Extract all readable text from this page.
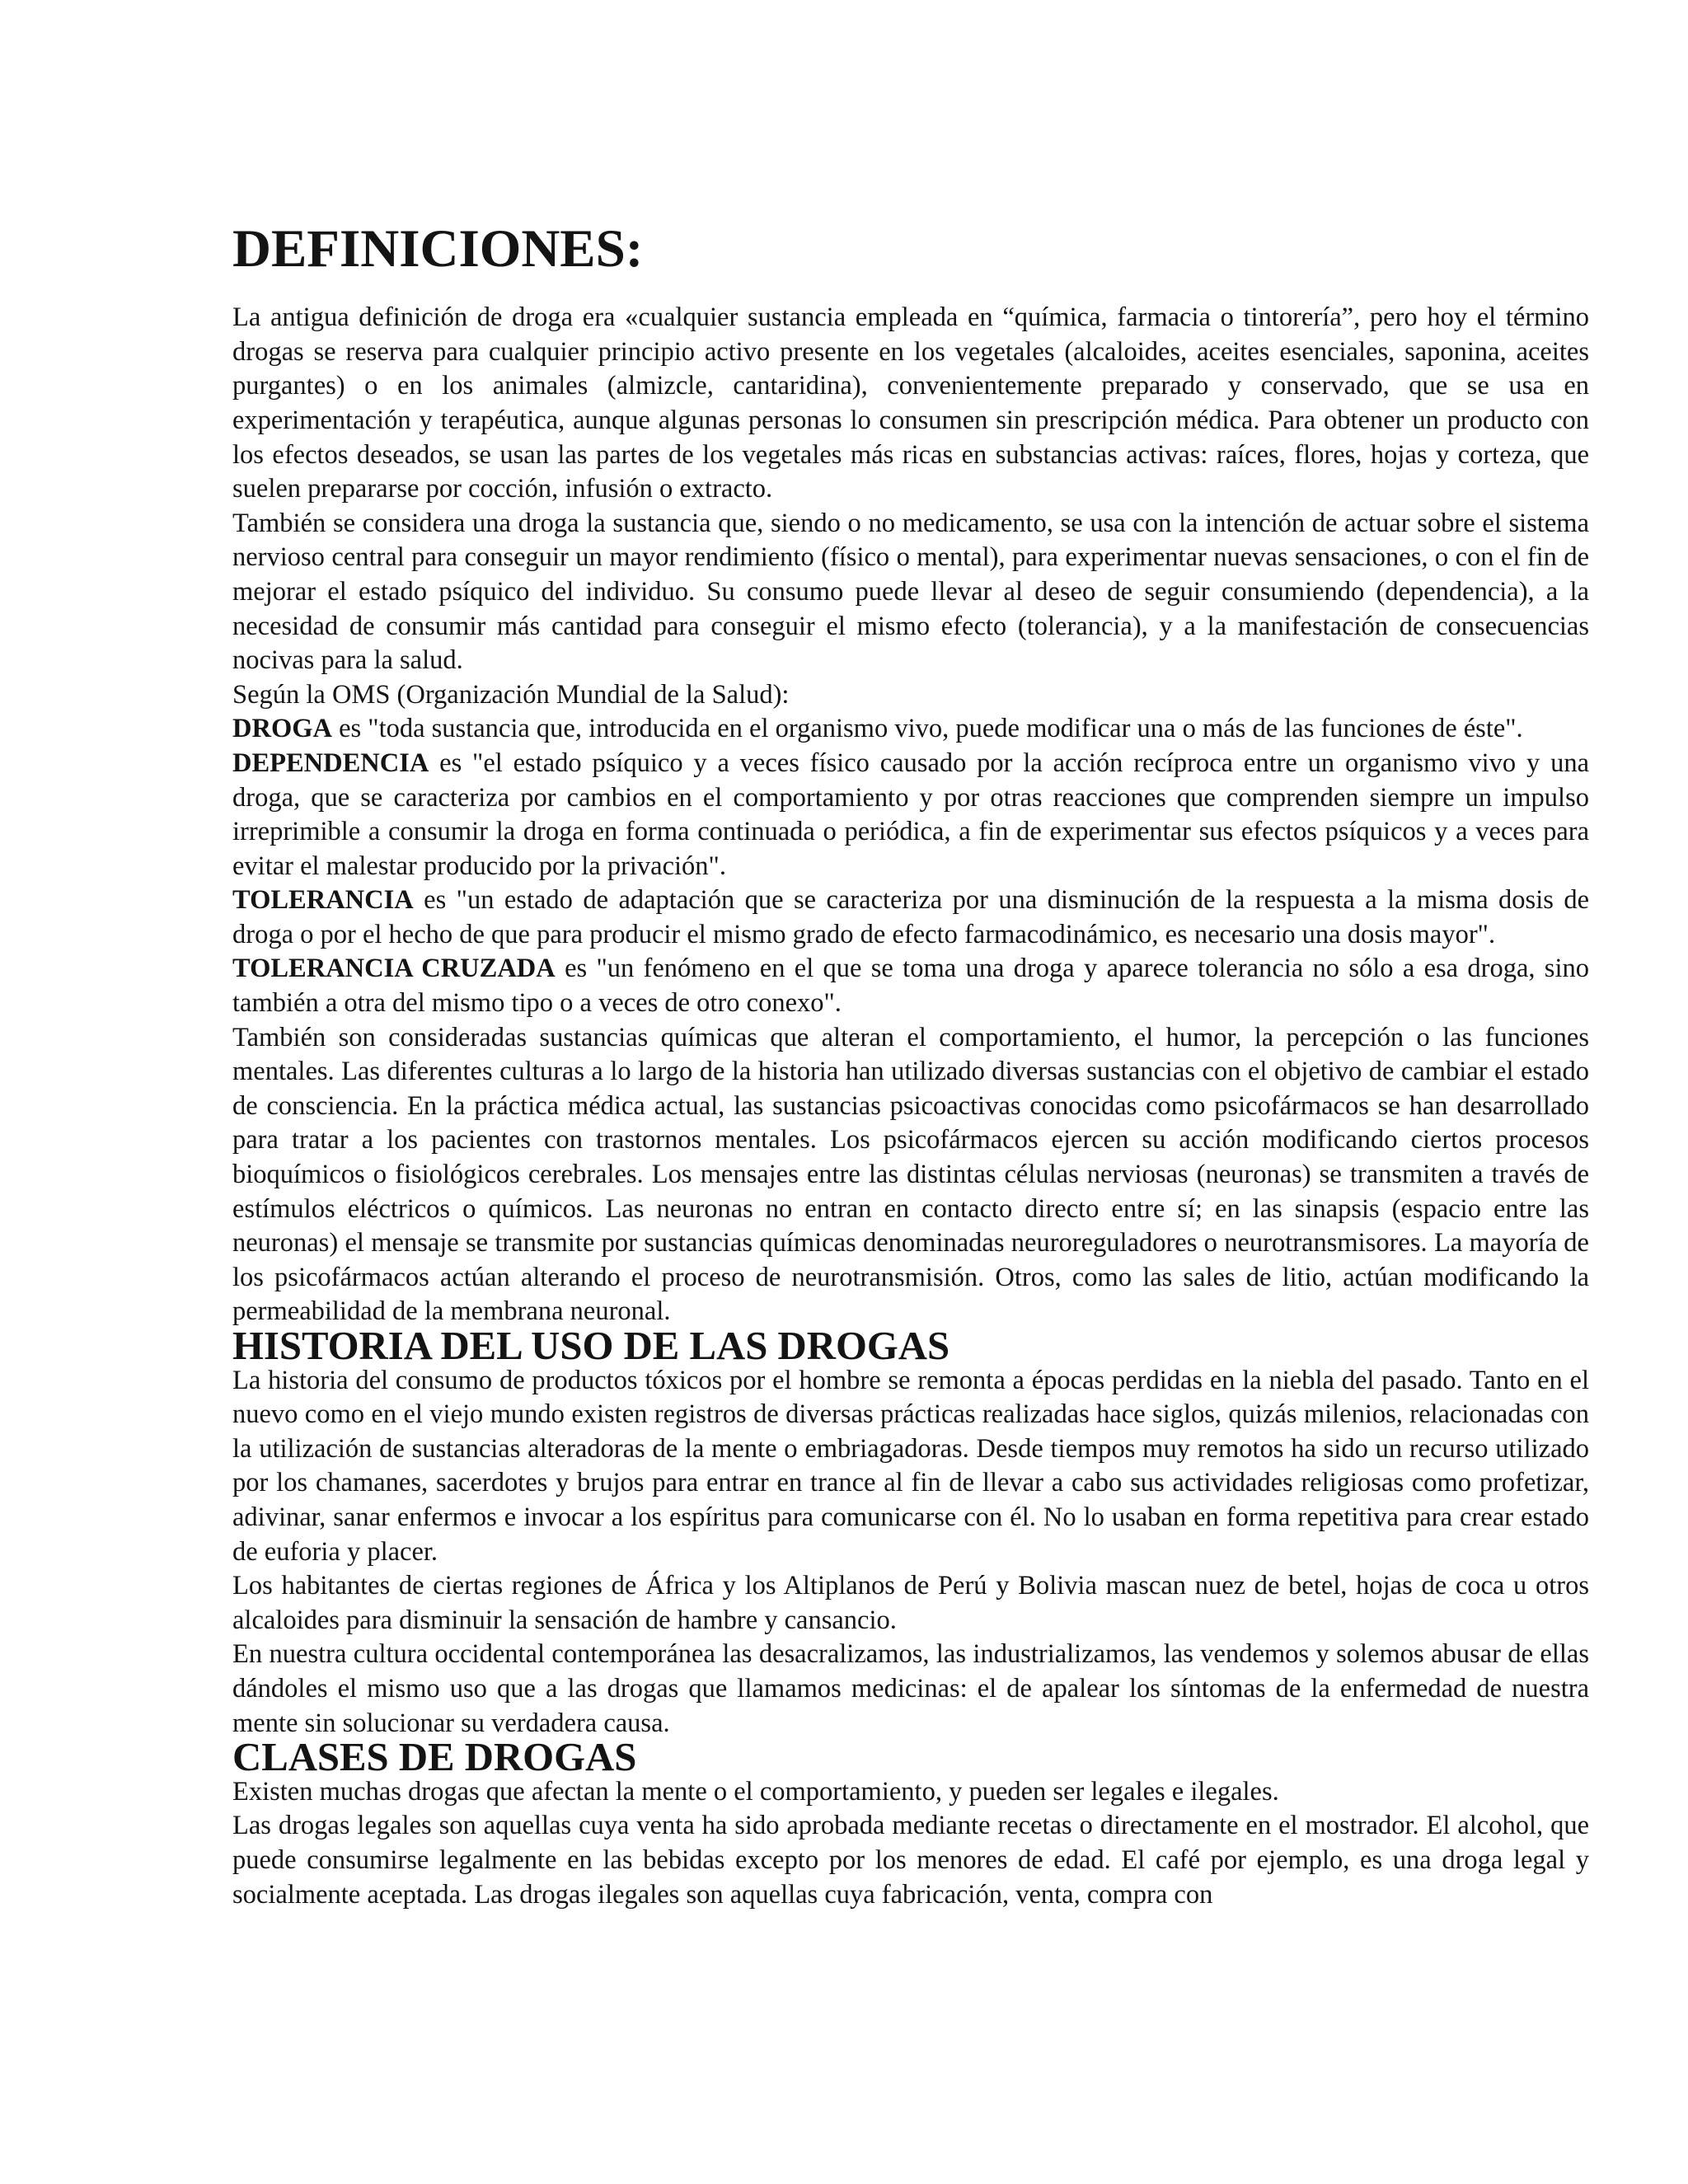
DEFINICIONES:

La antigua definición de droga era «cualquier sustancia empleada en “química, farmacia o tintorería”, pero hoy el término drogas se reserva para cualquier principio activo presente en los vegetales (alcaloides, aceites esenciales, saponina, aceites purgantes) o en los animales (almizcle, cantaridina), convenientemente preparado y conservado, que se usa en experimentación y terapéutica, aunque algunas personas lo consumen sin prescripción médica. Para obtener un producto con los efectos deseados, se usan las partes de los vegetales más ricas en substancias activas: raíces, flores, hojas y corteza, que suelen prepararse por cocción, infusión o extracto.

También se considera una droga la sustancia que, siendo o no medicamento, se usa con la intención de actuar sobre el sistema nervioso central para conseguir un mayor rendimiento (físico o mental), para experimentar nuevas sensaciones, o con el fin de mejorar el estado psíquico del individuo. Su consumo puede llevar al deseo de seguir consumiendo (dependencia), a la necesidad de consumir más cantidad para conseguir el mismo efecto (tolerancia), y a la manifestación de consecuencias nocivas para la salud.

Según la OMS (Organización Mundial de la Salud):

DROGA es "toda sustancia que, introducida en el organismo vivo, puede modificar una o más de las funciones de éste".

DEPENDENCIA es "el estado psíquico y a veces físico causado por la acción recíproca entre un organismo vivo y una droga, que se caracteriza por cambios en el comportamiento y por otras reacciones que comprenden siempre un impulso irreprimible a consumir la droga en forma continuada o periódica, a fin de experimentar sus efectos psíquicos y a veces para evitar el malestar producido por la privación".

TOLERANCIA es "un estado de adaptación que se caracteriza por una disminución de la respuesta a la misma dosis de droga o por el hecho de que para producir el mismo grado de efecto farmacodinámico, es necesario una dosis mayor".

TOLERANCIA CRUZADA es "un fenómeno en el que se toma una droga y aparece tolerancia no sólo a esa droga, sino también a otra del mismo tipo o a veces de otro conexo".

También son consideradas sustancias químicas que alteran el comportamiento, el humor, la percepción o las funciones mentales. Las diferentes culturas a lo largo de la historia han utilizado diversas sustancias con el objetivo de cambiar el estado de consciencia. En la práctica médica actual, las sustancias psicoactivas conocidas como psicofármacos se han desarrollado para tratar a los pacientes con trastornos mentales. Los psicofármacos ejercen su acción modificando ciertos procesos bioquímicos o fisiológicos cerebrales. Los mensajes entre las distintas células nerviosas (neuronas) se transmiten a través de estímulos eléctricos o químicos. Las neuronas no entran en contacto directo entre sí; en las sinapsis (espacio entre las neuronas) el mensaje se transmite por sustancias químicas denominadas neuroreguladores o neurotransmisores. La mayoría de los psicofármacos actúan alterando el proceso de neurotransmisión. Otros, como las sales de litio, actúan modificando la permeabilidad de la membrana neuronal.

HISTORIA DEL USO DE LAS DROGAS

La historia del consumo de productos tóxicos por el hombre se remonta a épocas perdidas en la niebla del pasado. Tanto en el nuevo como en el viejo mundo existen registros de diversas prácticas realizadas hace siglos, quizás milenios, relacionadas con la utilización de sustancias alteradoras de la mente o embriagadoras. Desde tiempos muy remotos ha sido un recurso utilizado por los chamanes, sacerdotes y brujos para entrar en trance al fin de llevar a cabo sus actividades religiosas como profetizar, adivinar, sanar enfermos e invocar a los espíritus para comunicarse con él. No lo usaban en forma repetitiva para crear estado de euforia y placer.

Los habitantes de ciertas regiones de África y los Altiplanos de Perú y Bolivia mascan nuez de betel, hojas de coca u otros alcaloides para disminuir la sensación de hambre y cansancio.

En nuestra cultura occidental contemporánea las desacralizamos, las industrializamos, las vendemos y solemos abusar de ellas dándoles el mismo uso que a las drogas que llamamos medicinas: el de apalear los síntomas de la enfermedad de nuestra mente sin solucionar su verdadera causa.

CLASES DE DROGAS

Existen muchas drogas que afectan la mente o el comportamiento, y pueden ser legales e ilegales.

Las drogas legales son aquellas cuya venta ha sido aprobada mediante recetas o directamente en el mostrador. El alcohol, que puede consumirse legalmente en las bebidas excepto por los menores de edad. El café por ejemplo, es una droga legal y socialmente aceptada. Las drogas ilegales son aquellas cuya fabricación, venta, compra con
